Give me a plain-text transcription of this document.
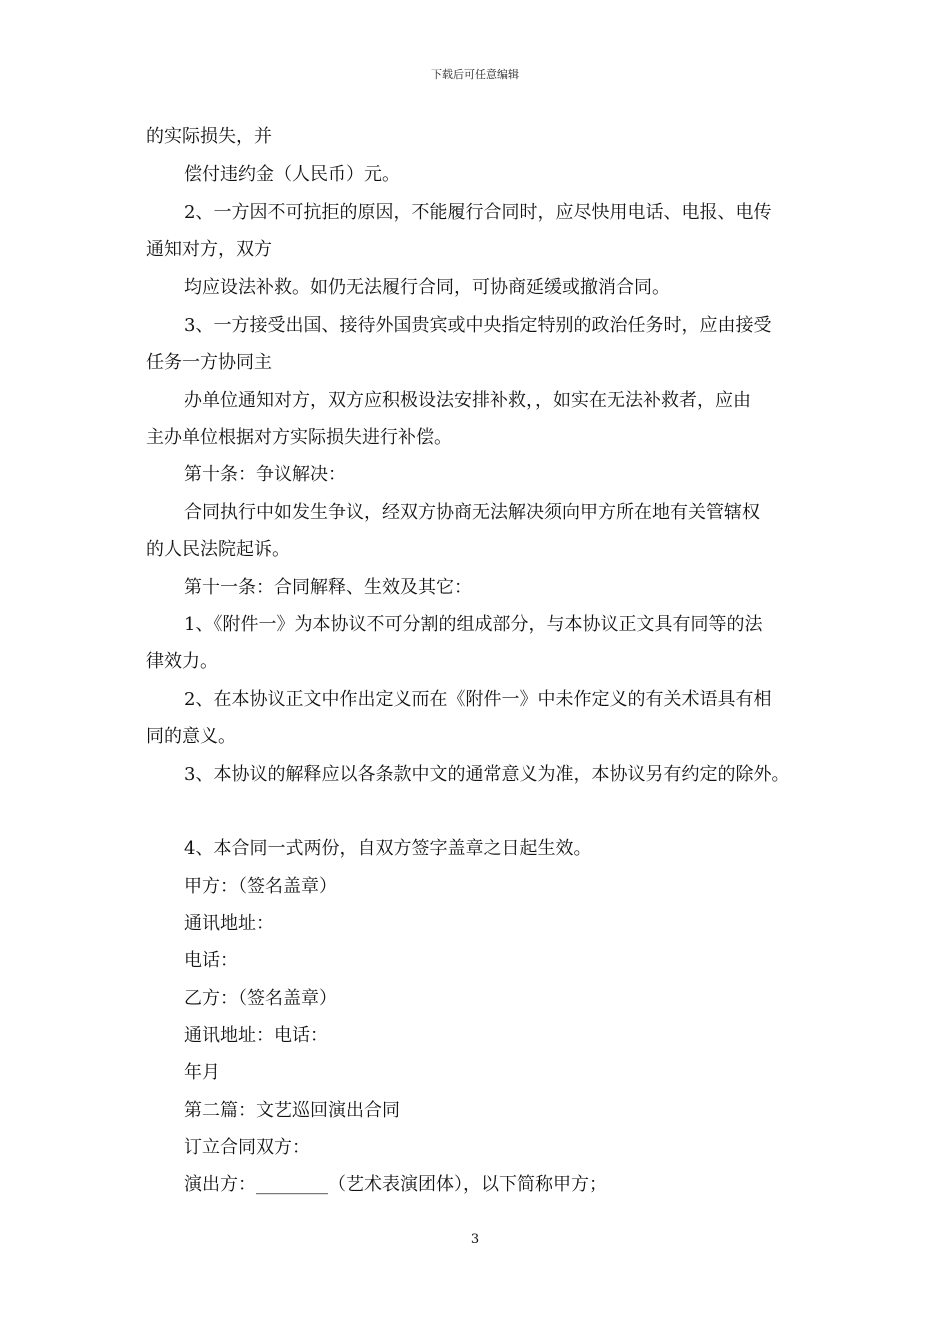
下载后可任意编辑
的实际损失，并
偿付违约金（人民币）元。
2、一方因不可抗拒的原因，不能履行合同时，应尽快用电话、电报、电传
通知对方，双方
均应设法补救。如仍无法履行合同，可协商延缓或撤消合同。
3、一方接受出国、接待外国贵宾或中央指定特别的政治任务时，应由接受
任务一方协同主
办单位通知对方，双方应积极设法安排补救，，如实在无法补救者，应由
主办单位根据对方实际损失进行补偿。
第十条：争议解决：
合同执行中如发生争议，经双方协商无法解决须向甲方所在地有关管辖权
的人民法院起诉。
第十一条：合同解释、生效及其它：
1、《附件一》为本协议不可分割的组成部分，与本协议正文具有同等的法
律效力。
2、在本协议正文中作出定义而在《附件一》中未作定义的有关术语具有相
同的意义。
3、本协议的解释应以各条款中文的通常意义为准，本协议另有约定的除外。
4、本合同一式两份，自双方签字盖章之日起生效。
甲方：（签名盖章）
通讯地址：
电话：
乙方：（签名盖章）
通讯地址：电话：
年月
第二篇：文艺巡回演出合同
订立合同双方：
演出方：________（艺术表演团体），以下简称甲方；
3
